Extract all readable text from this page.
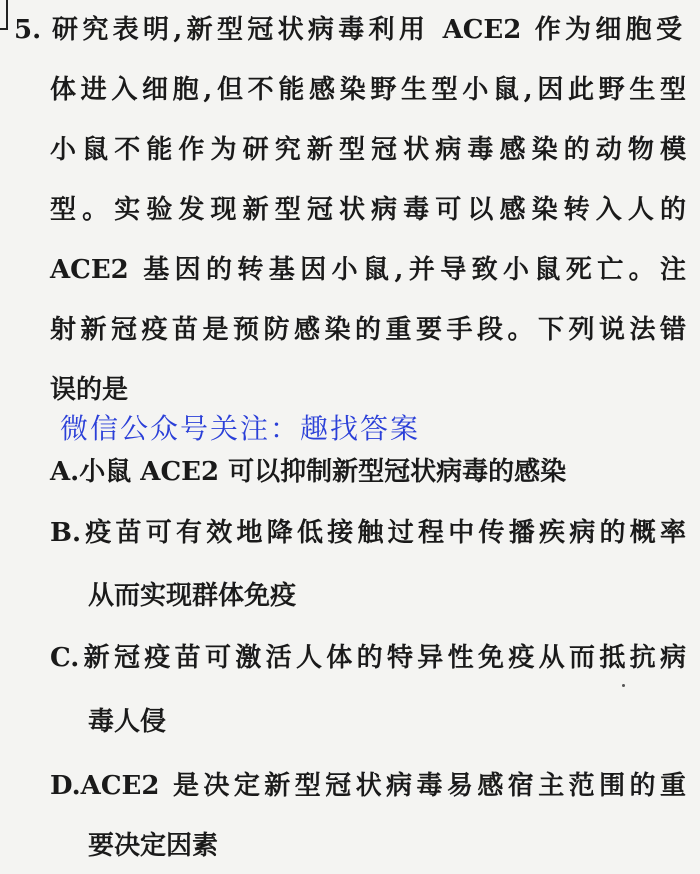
5. 研究表明,新型冠状病毒利用 ACE2 作为细胞受
体进入细胞,但不能感染野生型小鼠,因此野生型
小鼠不能作为研究新型冠状病毒感染的动物模
型。实验发现新型冠状病毒可以感染转入人的
ACE2 基因的转基因小鼠,并导致小鼠死亡。注
射新冠疫苗是预防感染的重要手段。下列说法错
误的是
微信公众号关注：趣找答案
A.小鼠 ACE2 可以抑制新型冠状病毒的感染
B.疫苗可有效地降低接触过程中传播疾病的概率
从而实现群体免疫
C.新冠疫苗可激活人体的特异性免疫从而抵抗病
毒人侵
D.ACE2 是决定新型冠状病毒易感宿主范围的重
要决定因素
